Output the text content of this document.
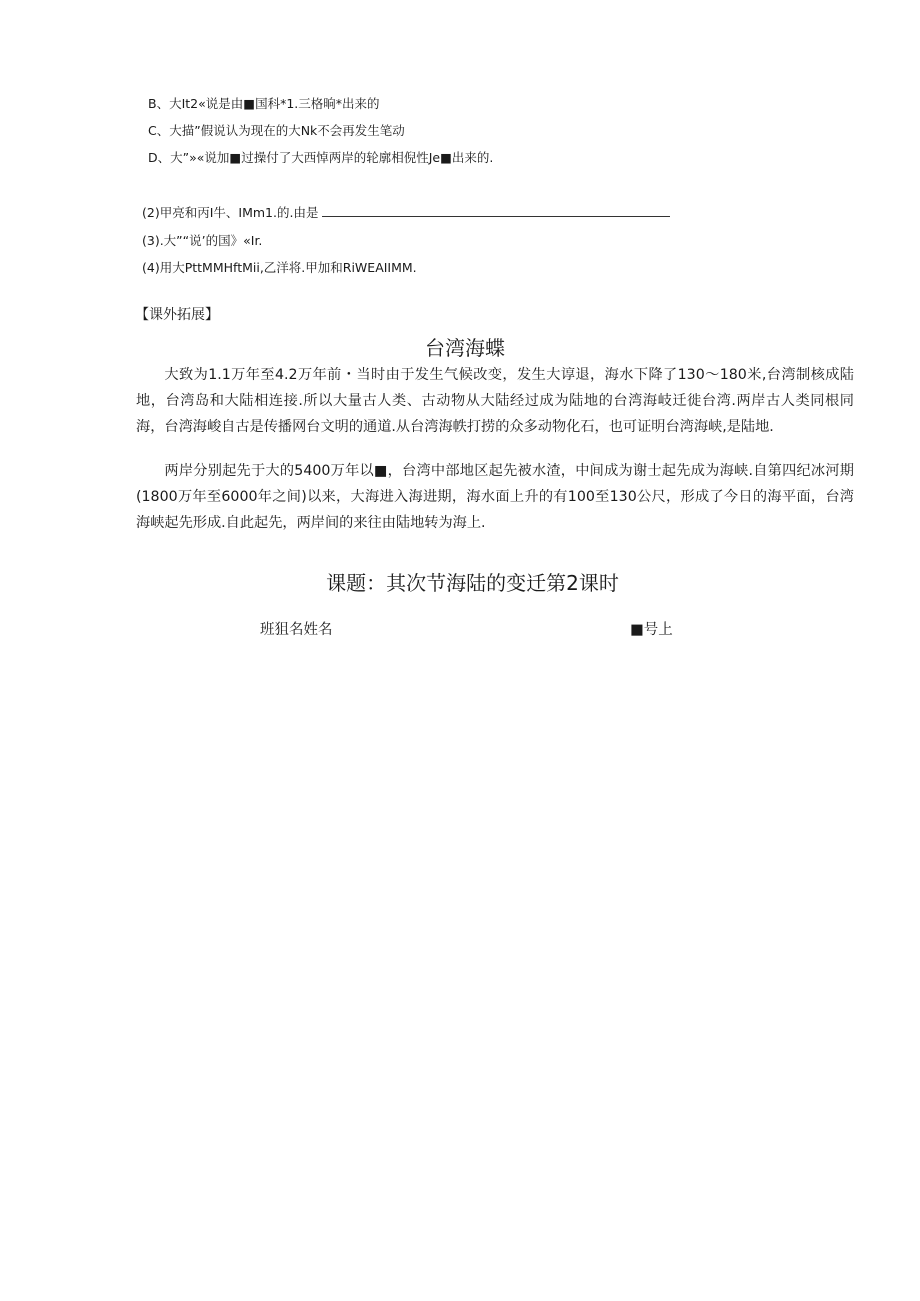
B、大It2«说是由■国科*1.三格晌*出来的
C、大描”假说认为现在的大Nk不会再发生笔动
D、大”»«说加■过操付了大西悼两岸的轮廓相倪性Je■出来的.
(2)甲亮和丙I牛、IMm1.的.由是
(3).大”“说’的国》«Ir.
(4)用大PttMMHftMii,乙洋将.甲加和RiWEAIIMM.
【课外拓展】
台湾海蝶

大致为1.1万年至4.2万年前・当时由于发生气候改变，发生大谆退，海水下降了130～180米,台湾制核成陆地，台湾岛和大陆相连接.所以大量古人类、古动物从大陆经过成为陆地的台湾海岐迁徙台湾.两岸古人类同根同海，台湾海峻自古是传播网台文明的通道.从台湾海帙打捞的众多动物化石，也可证明台湾海峡,是陆地.

两岸分别起先于大的5400万年以■，台湾中部地区起先被水渣，中间成为谢士起先成为海峡.自第四纪冰河期(1800万年至6000年之间)以来，大海进入海进期，海水面上升的有100至130公尺，形成了今日的海平面，台湾海峡起先形成.自此起先，两岸间的来往由陆地转为海上.

课题：其次节海陆的变迁第2课时
班狙名姓名	■号上
